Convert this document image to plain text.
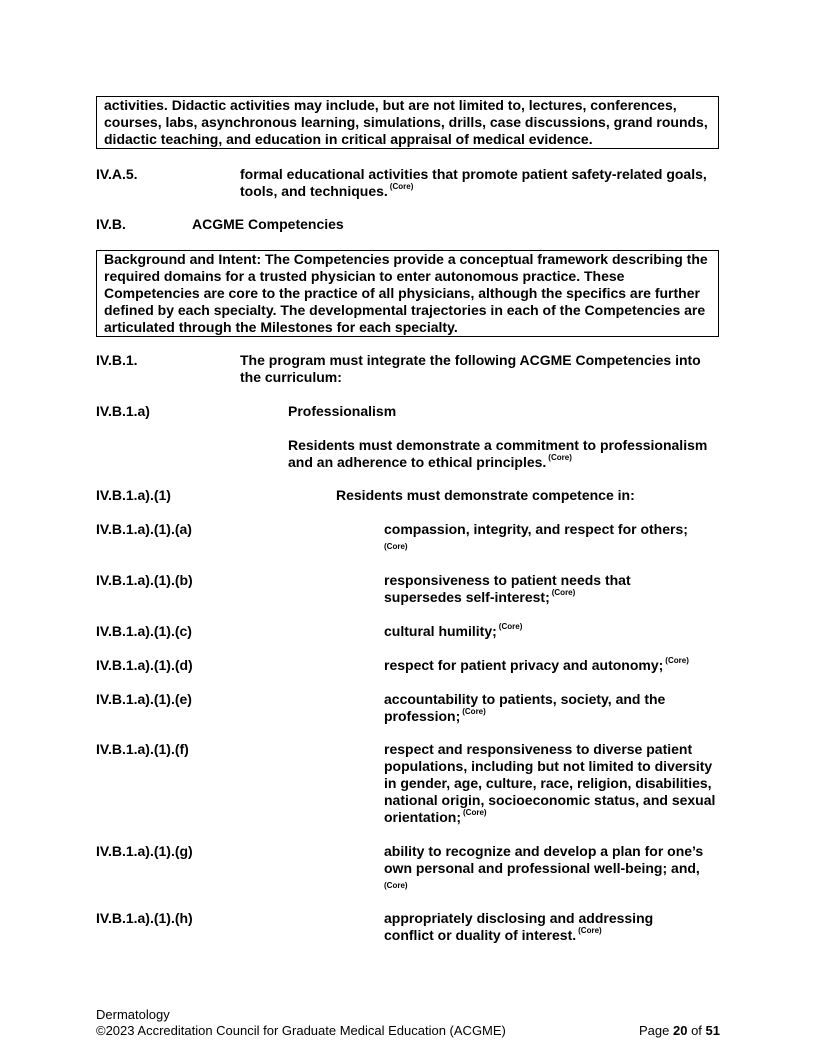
activities. Didactic activities may include, but are not limited to, lectures, conferences, courses, labs, asynchronous learning, simulations, drills, case discussions, grand rounds, didactic teaching, and education in critical appraisal of medical evidence.
IV.A.5.	formal educational activities that promote patient safety-related goals, tools, and techniques. $^{(Core)}$
IV.B.	ACGME Competencies
Background and Intent: The Competencies provide a conceptual framework describing the required domains for a trusted physician to enter autonomous practice. These Competencies are core to the practice of all physicians, although the specifics are further defined by each specialty. The developmental trajectories in each of the Competencies are articulated through the Milestones for each specialty.
IV.B.1.	The program must integrate the following ACGME Competencies into the curriculum:
IV.B.1.a)	Professionalism
Residents must demonstrate a commitment to professionalism and an adherence to ethical principles. $^{(Core)}$
IV.B.1.a).(1)	Residents must demonstrate competence in:
IV.B.1.a).(1).(a)	compassion, integrity, and respect for others;
$^{(Core)}$
IV.B.1.a).(1).(b)	responsiveness to patient needs that supersedes self-interest; $^{(Core)}$
IV.B.1.a).(1).(c)	cultural humility; $^{(Core)}$
IV.B.1.a).(1).(d)	respect for patient privacy and autonomy; $^{(Core)}$
IV.B.1.a).(1).(e)	accountability to patients, society, and the profession; $^{(Core)}$
IV.B.1.a).(1).(f)	respect and responsiveness to diverse patient populations, including but not limited to diversity in gender, age, culture, race, religion, disabilities, national origin, socioeconomic status, and sexual orientation; $^{(Core)}$
IV.B.1.a).(1).(g)	ability to recognize and develop a plan for one’s own personal and professional well-being; and,
$^{(Core)}$
IV.B.1.a).(1).(h)	appropriately disclosing and addressing conflict or duality of interest. $^{(Core)}$
Dermatology
©2023 Accreditation Council for Graduate Medical Education (ACGME)	Page 20 of 51
